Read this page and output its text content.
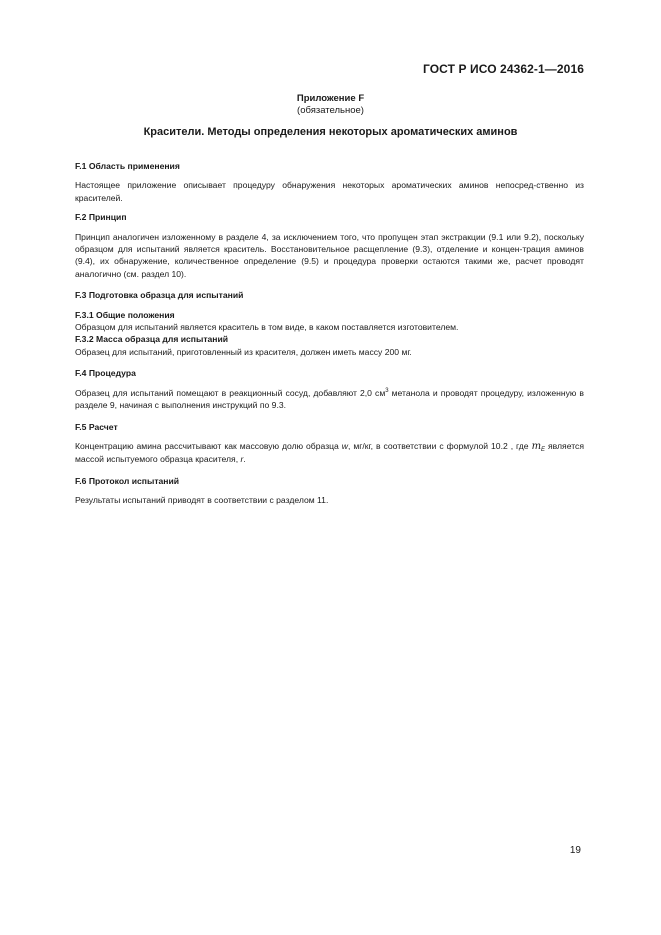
ГОСТ Р ИСО 24362-1—2016
Приложение F
(обязательное)
Красители. Методы определения некоторых ароматических аминов

F.1 Область применения

Настоящее приложение описывает процедуру обнаружения некоторых ароматических аминов непосред-ственно из красителей.

F.2 Принцип

Принцип аналогичен изложенному в разделе 4, за исключением того, что пропущен этап экстракции (9.1 или 9.2), поскольку образцом для испытаний является краситель. Восстановительное расщепление (9.3), отделение и концен-трация аминов (9.4), их обнаружение, количественное определение (9.5) и процедура проверки остаются такими же, расчет проводят аналогично (см. раздел 10).

F.3 Подготовка образца для испытаний

F.3.1 Общие положения

Образцом для испытаний является краситель в том виде, в каком поставляется изготовителем.

F.3.2 Масса образца для испытаний

Образец для испытаний, приготовленный из красителя, должен иметь массу 200 мг.

F.4 Процедура

Образец для испытаний помещают в реакционный сосуд, добавляют 2,0 $см^3$ метанола и проводят процедуру, изложенную в разделе 9, начиная с выполнения инструкций по 9.3.

F.5 Расчет

Концентрацию амина рассчитывают как массовую долю образца w, мг/кг, в соответствии с формулой 10.2 , где $m_E$ является массой испытуемого образца красителя, r.

F.6 Протокол испытаний

Результаты испытаний приводят в соответствии с разделом 11.

19
